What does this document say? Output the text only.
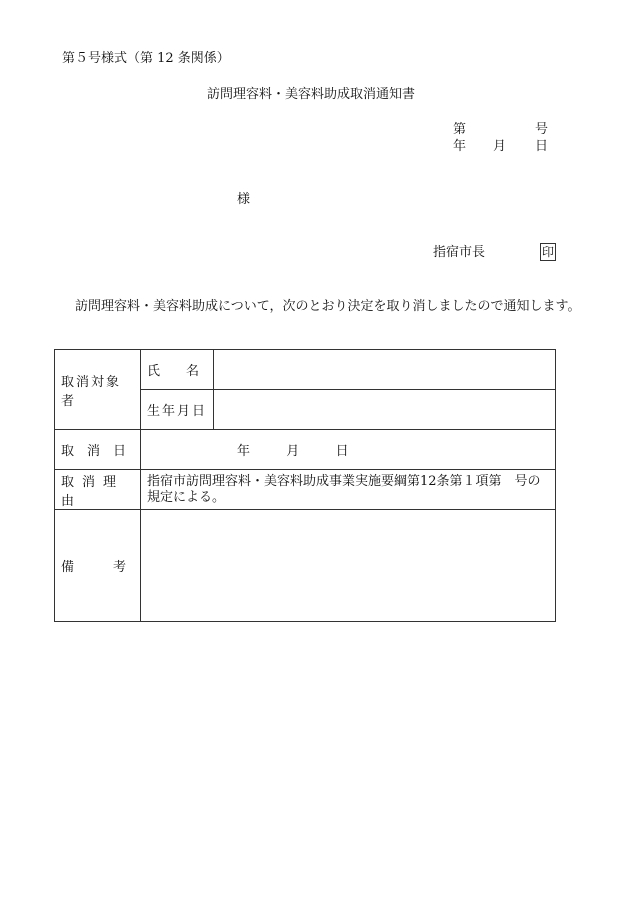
第５号様式（第 12 条関係）
訪問理容料・美容料助成取消通知書
第	号
年 月 日
様
指宿市長	印
訪問理容料・美容料助成について，次のとおり決定を取り消しましたので通知します。
取消対象者	氏　　名	
	生年月日	
取　消　日	年 月 日	
取消理由	指宿市訪問理容料・美容料助成事業実施要綱第12条第１項第　号の規定による。	
備　　　考		
